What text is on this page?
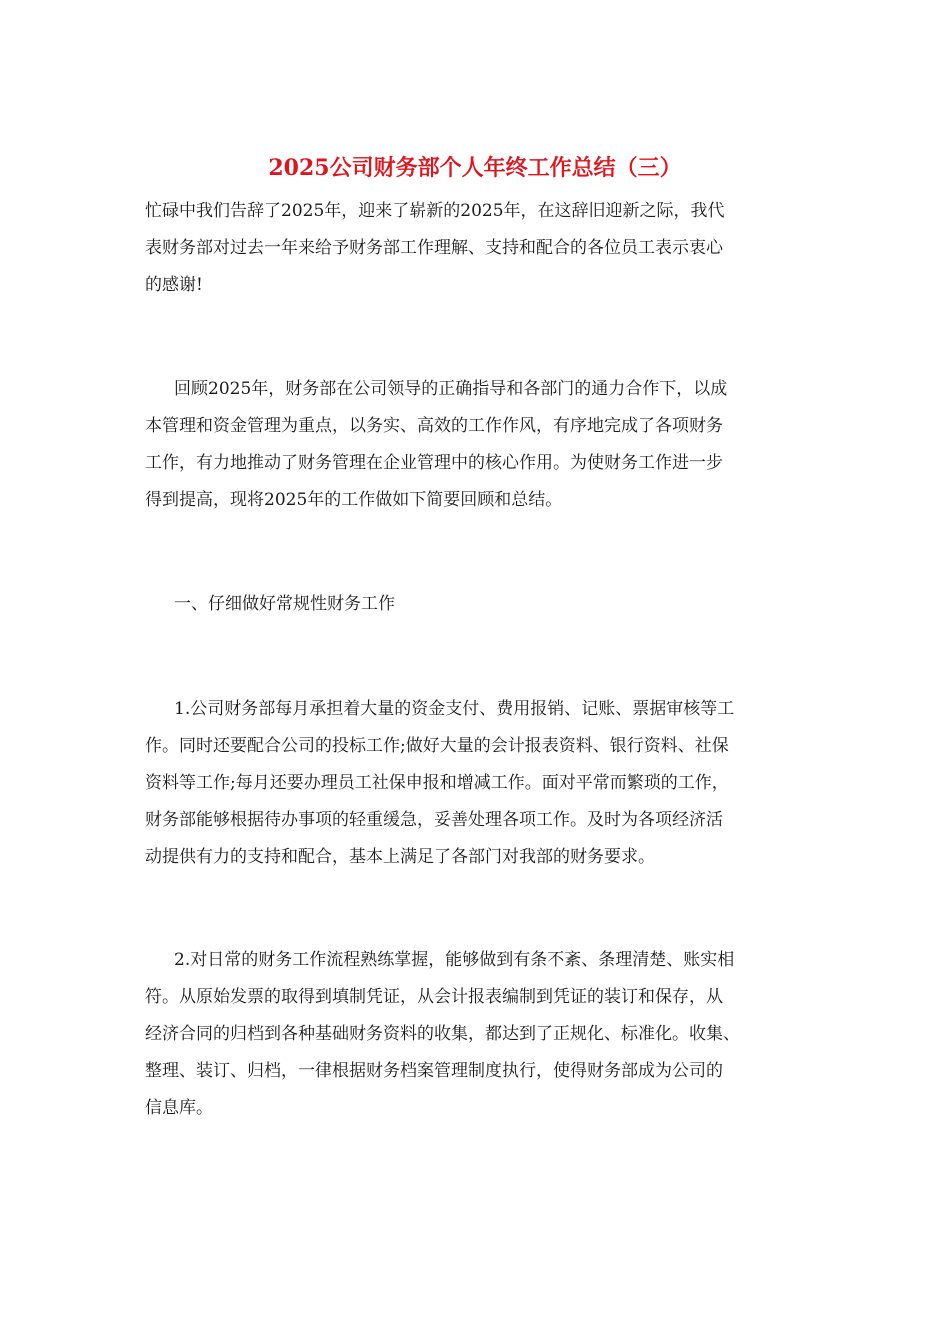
2025公司财务部个人年终工作总结（三）
忙碌中我们告辞了2025年，迎来了崭新的2025年，在这辞旧迎新之际，我代
表财务部对过去一年来给予财务部工作理解、支持和配合的各位员工表示衷心
的感谢!
回顾2025年，财务部在公司领导的正确指导和各部门的通力合作下，以成
本管理和资金管理为重点，以务实、高效的工作作风，有序地完成了各项财务
工作，有力地推动了财务管理在企业管理中的核心作用。为使财务工作进一步
得到提高，现将2025年的工作做如下简要回顾和总结。
一、仔细做好常规性财务工作
1.公司财务部每月承担着大量的资金支付、费用报销、记账、票据审核等工
作。同时还要配合公司的投标工作;做好大量的会计报表资料、银行资料、社保
资料等工作;每月还要办理员工社保申报和增减工作。面对平常而繁琐的工作，
财务部能够根据待办事项的轻重缓急，妥善处理各项工作。及时为各项经济活
动提供有力的支持和配合，基本上满足了各部门对我部的财务要求。
2.对日常的财务工作流程熟练掌握，能够做到有条不紊、条理清楚、账实相
符。从原始发票的取得到填制凭证，从会计报表编制到凭证的装订和保存，从
经济合同的归档到各种基础财务资料的收集，都达到了正规化、标准化。收集、
整理、装订、归档，一律根据财务档案管理制度执行，使得财务部成为公司的
信息库。
